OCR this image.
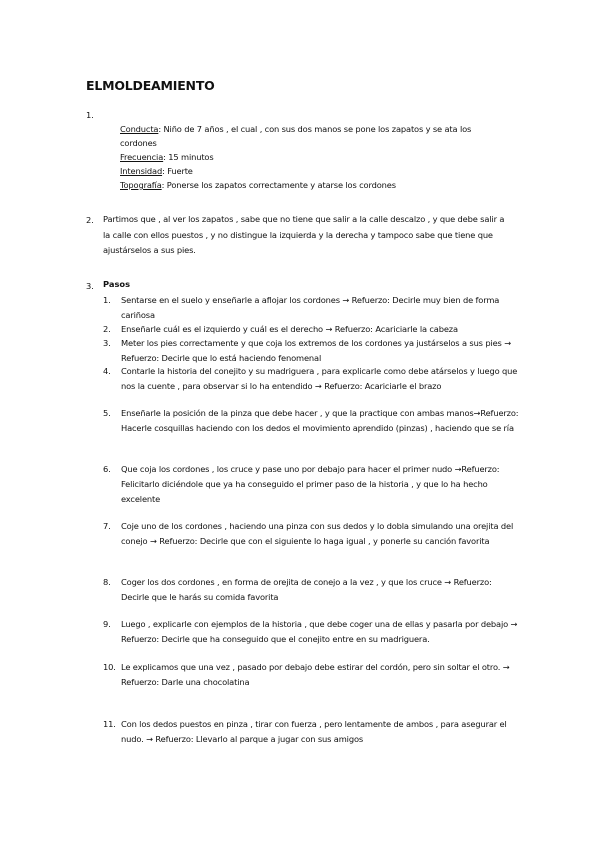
ELMOLDEAMIENTO
1.
Conducta: Niño de 7 años , el cual , con sus dos manos se pone los zapatos y se ata los
cordones
Frecuencia: 15 minutos
Intensidad: Fuerte
Topografía: Ponerse los zapatos correctamente y atarse los cordones
2. Partimos que , al ver los zapatos , sabe que no tiene que salir a la calle descalzo , y que debe salir a la calle con ellos puestos , y no distingue la izquierda y la derecha y tampoco sabe que tiene que ajustárselos a sus pies.
3. Pasos
1.	Sentarse en el suelo y enseñarle a aflojar los cordones → Refuerzo: Decirle muy bien de forma cariñosa
2.	Enseñarle cuál es el izquierdo y cuál es el derecho → Refuerzo: Acariciarle la cabeza
3.	Meter los pies correctamente y que coja los extremos de los cordones ya justárselos a sus pies → Refuerzo: Decirle que lo está haciendo fenomenal
4.	Contarle la historia del conejito y su madriguera , para explicarle como debe atárselos y luego que nos la cuente , para observar si lo ha entendido → Refuerzo: Acariciarle el brazo
5.	Enseñarle la posición de la pinza que debe hacer , y que la practique con ambas manos→Refuerzo: Hacerle cosquillas haciendo con los dedos el movimiento aprendido (pinzas) , haciendo que se ría
6.	Que coja los cordones , los cruce y pase uno por debajo para hacer el primer nudo →Refuerzo: Felicitarlo diciéndole que ya ha conseguido el primer paso de la historia , y que lo ha hecho excelente
7.	Coje uno de los cordones , haciendo una pinza con sus dedos y lo dobla simulando una orejita del conejo → Refuerzo: Decirle que con el siguiente lo haga igual , y ponerle su canción favorita
8.	Coger los dos cordones , en forma de orejita de conejo a la vez , y que los cruce → Refuerzo: Decirle que le harás su comida favorita
9.	Luego , explicarle con ejemplos de la historia , que debe coger una de ellas y pasarla por debajo → Refuerzo: Decirle que ha conseguido que el conejito entre en su madriguera.
10. Le explicamos que una vez , pasado por debajo debe estirar del cordón, pero sin soltar el otro. → Refuerzo: Darle una chocolatina
11. Con los dedos puestos en pinza , tirar con fuerza , pero lentamente de ambos , para asegurar el nudo. → Refuerzo: Llevarlo al parque a jugar con sus amigos
